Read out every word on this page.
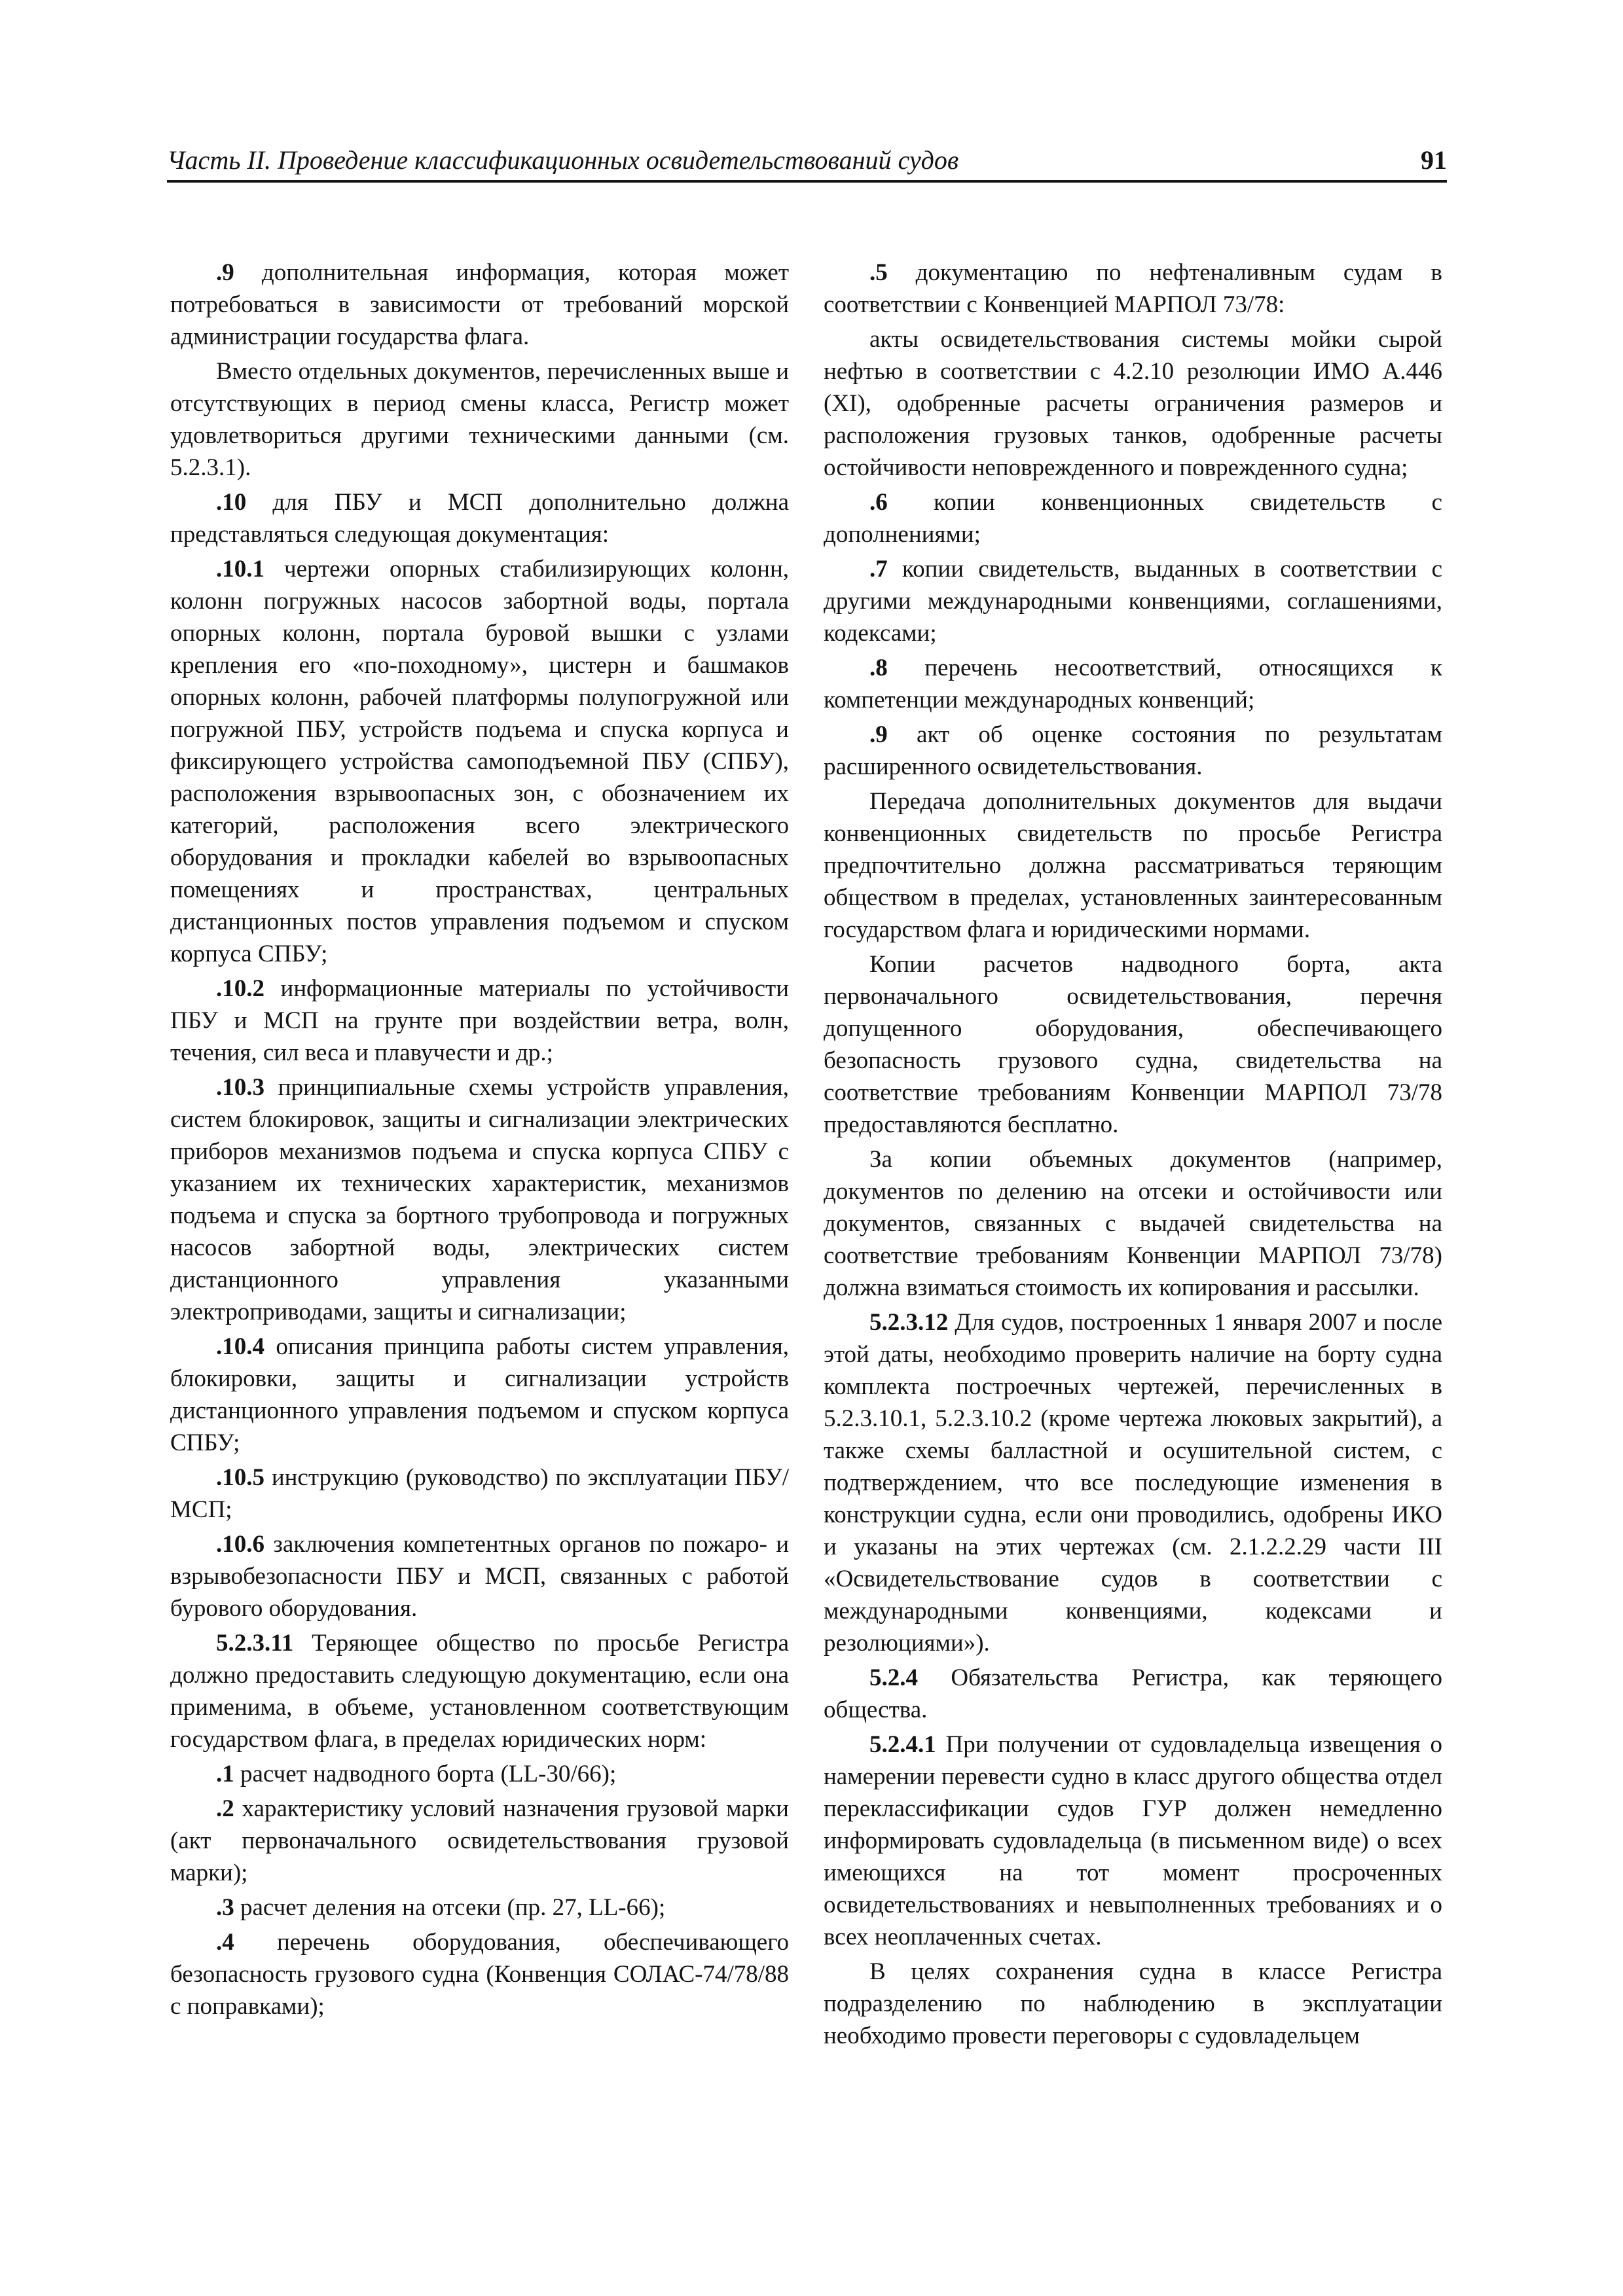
Часть II. Проведение классификационных освидетельствований судов	91

.9 дополнительная информация, которая может потребоваться в зависимости от требований морской администрации государства флага.

Вместо отдельных документов, перечисленных выше и отсутствующих в период смены класса, Регистр может удовлетвориться другими техническими данными (см. 5.2.3.1).

.10 для ПБУ и МСП дополнительно должна представляться следующая документация:

.10.1 чертежи опорных стабилизирующих колонн, колонн погружных насосов забортной воды, портала опорных колонн, портала буровой вышки с узлами крепления его «по-походному», цистерн и башмаков опорных колонн, рабочей платформы полупогружной или погружной ПБУ, устройств подъема и спуска корпуса и фиксирующего устройства самоподъемной ПБУ (СПБУ), расположения взрывоопасных зон, с обозначением их категорий, расположения всего электрического оборудования и прокладки кабелей во взрывоопасных помещениях и пространствах, центральных дистанционных постов управления подъемом и спуском корпуса СПБУ;

.10.2 информационные материалы по устойчивости ПБУ и МСП на грунте при воздействии ветра, волн, течения, сил веса и плавучести и др.;

.10.3 принципиальные схемы устройств управления, систем блокировок, защиты и сигнализации электрических приборов механизмов подъема и спуска корпуса СПБУ с указанием их технических характеристик, механизмов подъема и спуска за бортного трубопровода и погружных насосов забортной воды, электрических систем дистанционного управления указанными электроприводами, защиты и сигнализации;

.10.4 описания принципа работы систем управления, блокировки, защиты и сигнализации устройств дистанционного управления подъемом и спуском корпуса СПБУ;

.10.5 инструкцию (руководство) по эксплуатации ПБУ/МСП;

.10.6 заключения компетентных органов по пожаро- и взрывобезопасности ПБУ и МСП, связанных с работой бурового оборудования.

5.2.3.11 Теряющее общество по просьбе Регистра должно предоставить следующую документацию, если она применима, в объеме, установленном соответствующим государством флага, в пределах юридических норм:

.1 расчет надводного борта (LL-30/66);

.2 характеристику условий назначения грузовой марки (акт первоначального освидетельствования грузовой марки);

.3 расчет деления на отсеки (пр. 27, LL-66);

.4 перечень оборудования, обеспечивающего безопасность грузового судна (Конвенция СОЛАС-74/78/88 с поправками);

.5 документацию по нефтеналивным судам в соответствии с Конвенцией МАРПОЛ 73/78:

акты освидетельствования системы мойки сырой нефтью в соответствии с 4.2.10 резолюции ИМО А.446 (XI), одобренные расчеты ограничения размеров и расположения грузовых танков, одобренные расчеты остойчивости неповрежденного и поврежденного судна;

.6 копии конвенционных свидетельств с дополнениями;

.7 копии свидетельств, выданных в соответствии с другими международными конвенциями, соглашениями, кодексами;

.8 перечень несоответствий, относящихся к компетенции международных конвенций;

.9 акт об оценке состояния по результатам расширенного освидетельствования.

Передача дополнительных документов для выдачи конвенционных свидетельств по просьбе Регистра предпочтительно должна рассматриваться теряющим обществом в пределах, установленных заинтересованным государством флага и юридическими нормами.

Копии расчетов надводного борта, акта первоначального освидетельствования, перечня допущенного оборудования, обеспечивающего безопасность грузового судна, свидетельства на соответствие требованиям Конвенции МАРПОЛ 73/78 предоставляются бесплатно.

За копии объемных документов (например, документов по делению на отсеки и остойчивости или документов, связанных с выдачей свидетельства на соответствие требованиям Конвенции МАРПОЛ 73/78) должна взиматься стоимость их копирования и рассылки.

5.2.3.12 Для судов, построенных 1 января 2007 и после этой даты, необходимо проверить наличие на борту судна комплекта построечных чертежей, перечисленных в 5.2.3.10.1, 5.2.3.10.2 (кроме чертежа люковых закрытий), а также схемы балластной и осушительной систем, с подтверждением, что все последующие изменения в конструкции судна, если они проводились, одобрены ИКО и указаны на этих чертежах (см. 2.1.2.2.29 части III «Освидетельствование судов в соответствии с международными конвенциями, кодексами и резолюциями»).

5.2.4 Обязательства Регистра, как теряющего общества.

5.2.4.1 При получении от судовладельца извещения о намерении перевести судно в класс другого общества отдел переклассификации судов ГУР должен немедленно информировать судовладельца (в письменном виде) о всех имеющихся на тот момент просроченных освидетельствованиях и невыполненных требованиях и о всех неоплаченных счетах.

В целях сохранения судна в классе Регистра подразделению по наблюдению в эксплуатации необходимо провести переговоры с судовладельцем
